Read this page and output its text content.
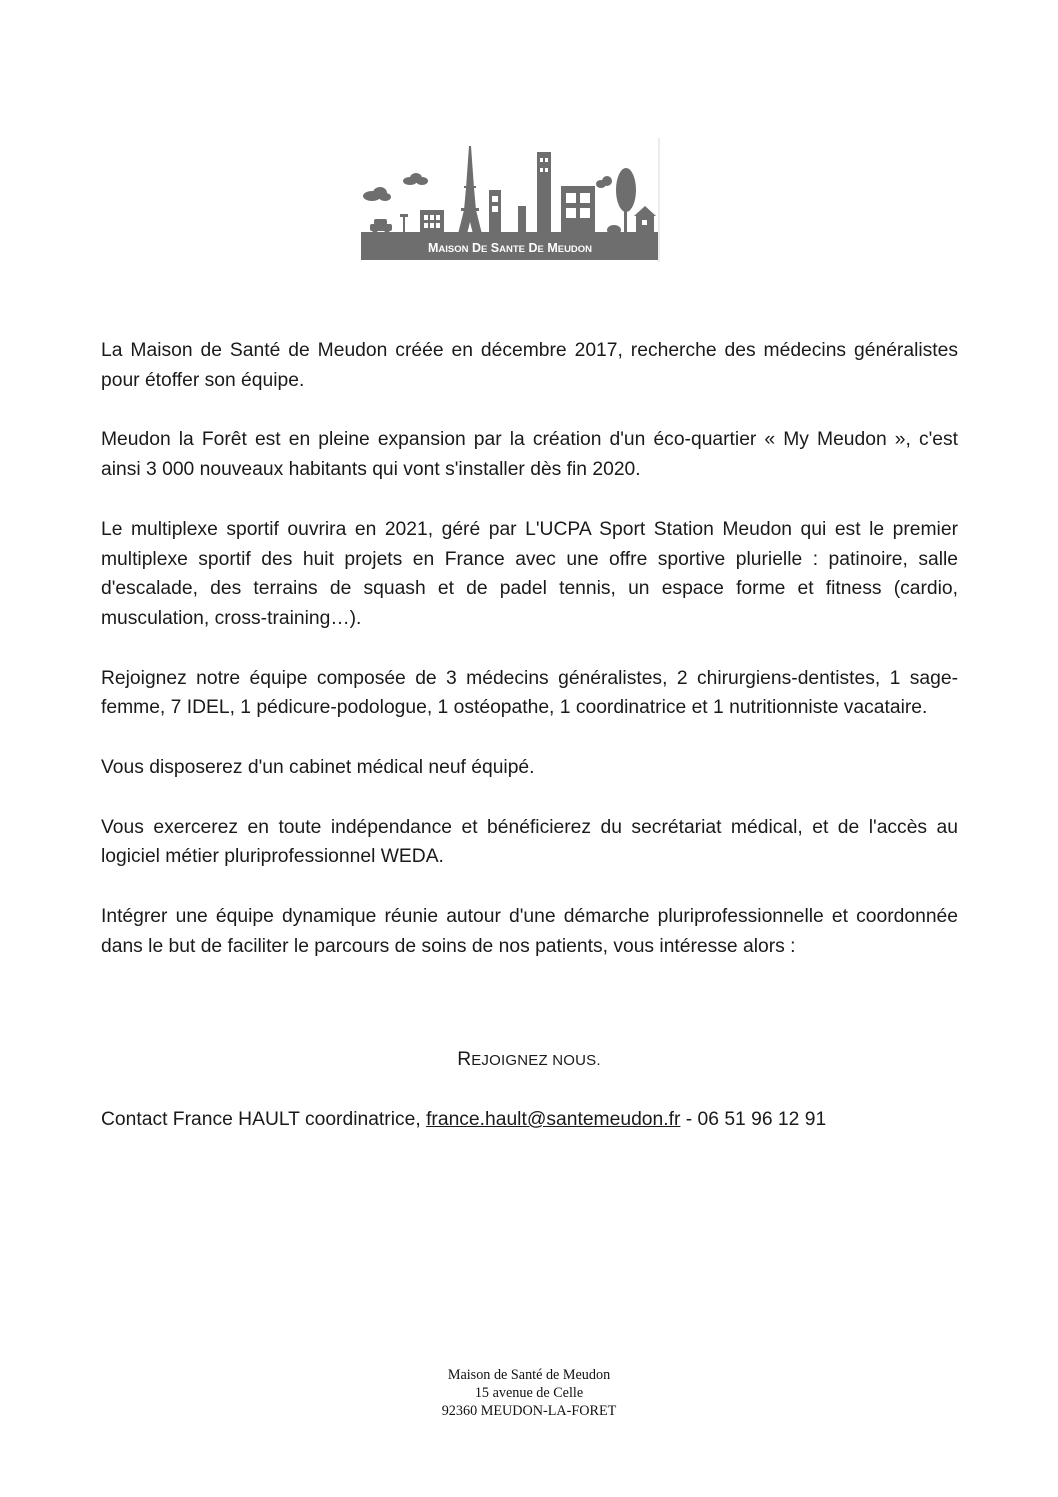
MAISON DE SANTE DE MEUDON

La Maison de Santé de Meudon créée en décembre 2017, recherche des médecins généralistes pour étoffer son équipe.

Meudon la Forêt est en pleine expansion par la création d'un éco-quartier « My Meudon », c'est ainsi 3 000 nouveaux habitants qui vont s'installer dès fin 2020.

Le multiplexe sportif ouvrira en 2021, géré par L'UCPA Sport Station Meudon qui est le premier multiplexe sportif des huit projets en France avec une offre sportive plurielle : patinoire, salle d'escalade, des terrains de squash et de padel tennis, un espace forme et fitness (cardio, musculation, cross-training…).

Rejoignez notre équipe composée de 3 médecins généralistes, 2 chirurgiens-dentistes, 1 sage-femme, 7 IDEL, 1 pédicure-podologue, 1 ostéopathe, 1 coordinatrice et 1 nutritionniste vacataire.

Vous disposerez d'un cabinet médical neuf équipé.

Vous exercerez en toute indépendance et bénéficierez du secrétariat médical, et de l'accès au logiciel métier pluriprofessionnel WEDA.

Intégrer une équipe dynamique réunie autour d'une démarche pluriprofessionnelle et coordonnée dans le but de faciliter le parcours de soins de nos patients, vous intéresse alors :

REJOIGNEZ NOUS.
Contact France HAULT coordinatrice, france.hault@santemeudon.fr - 06 51 96 12 91
Maison de Santé de Meudon
15 avenue de Celle
92360 MEUDON-LA-FORET
